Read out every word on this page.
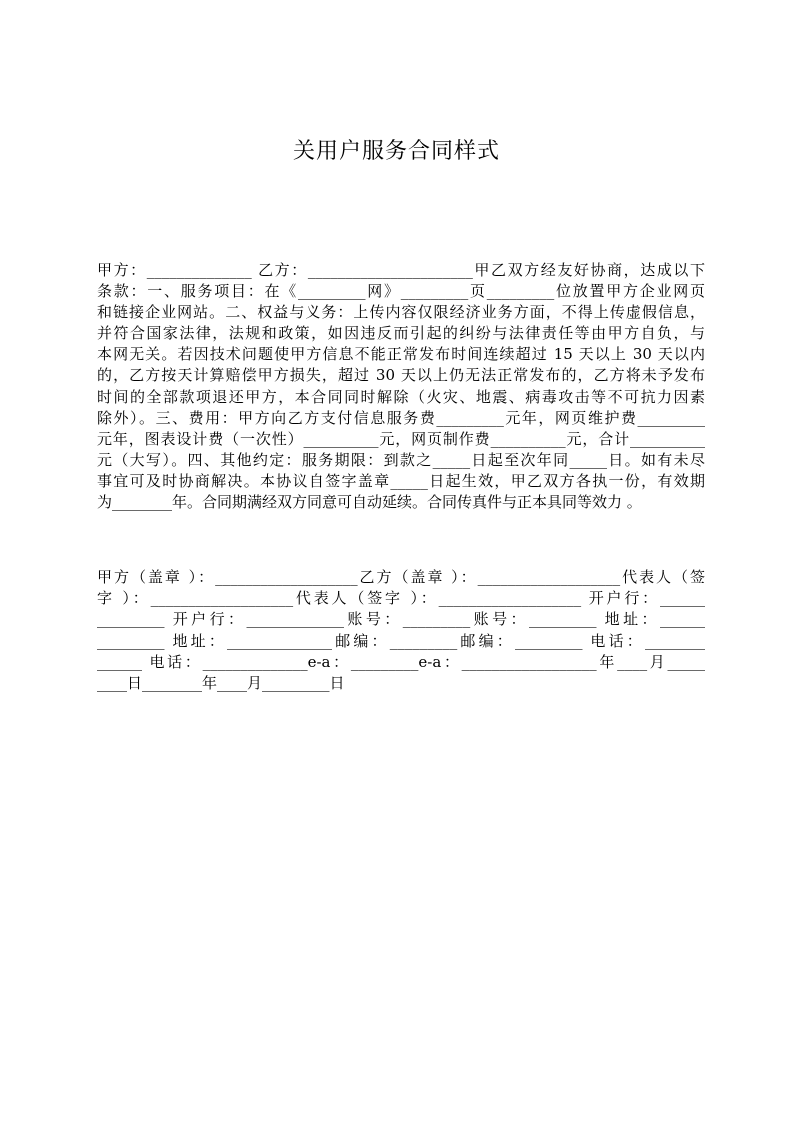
关用户服务合同样式
甲方：______________ 乙方：______________________甲乙双方经友好协商，达成以下
条款：一、服务项目：在《_________网》_________页_________位放置甲方企业网页
和链接企业网站。二、权益与义务：上传内容仅限经济业务方面，不得上传虚假信息，
并符合国家法律，法规和政策，如因违反而引起的纠纷与法律责任等由甲方自负，与
本网无关。若因技术问题使甲方信息不能正常发布时间连续超过 15 天以上 30 天以内
的，乙方按天计算赔偿甲方损失，超过 30 天以上仍无法正常发布的，乙方将未予发布
时间的全部款项退还甲方，本合同同时解除（火灾、地震、病毒攻击等不可抗力因素
除外）。三、费用：甲方向乙方支付信息服务费_________元年，网页维护费_________
元年，图表设计费（一次性）__________元，网页制作费__________元，合计__________
元（大写）。四、其他约定：服务期限：到款之_____日起至次年同_____日。如有未尽
事宜可及时协商解决。本协议自签字盖章_____日起生效，甲乙双方各执一份，有效期
为________年。合同期满经双方同意可自动延续。合同传真件与正本具同等效力 。
甲方（盖章 ）：___________________乙方（盖章 ）：___________________代表人（签
字 ）：___________________代表人（签字 ）：___________________ 开户行：______
_________ 开户行：_____________账号：_________账号：_________ 地址：______
_________ 地址：______________邮编：_________邮编：_________ 电话：________
______ 电话：______________e-a：_________e-a：__________________年____月_____
____日________年____月_________日
